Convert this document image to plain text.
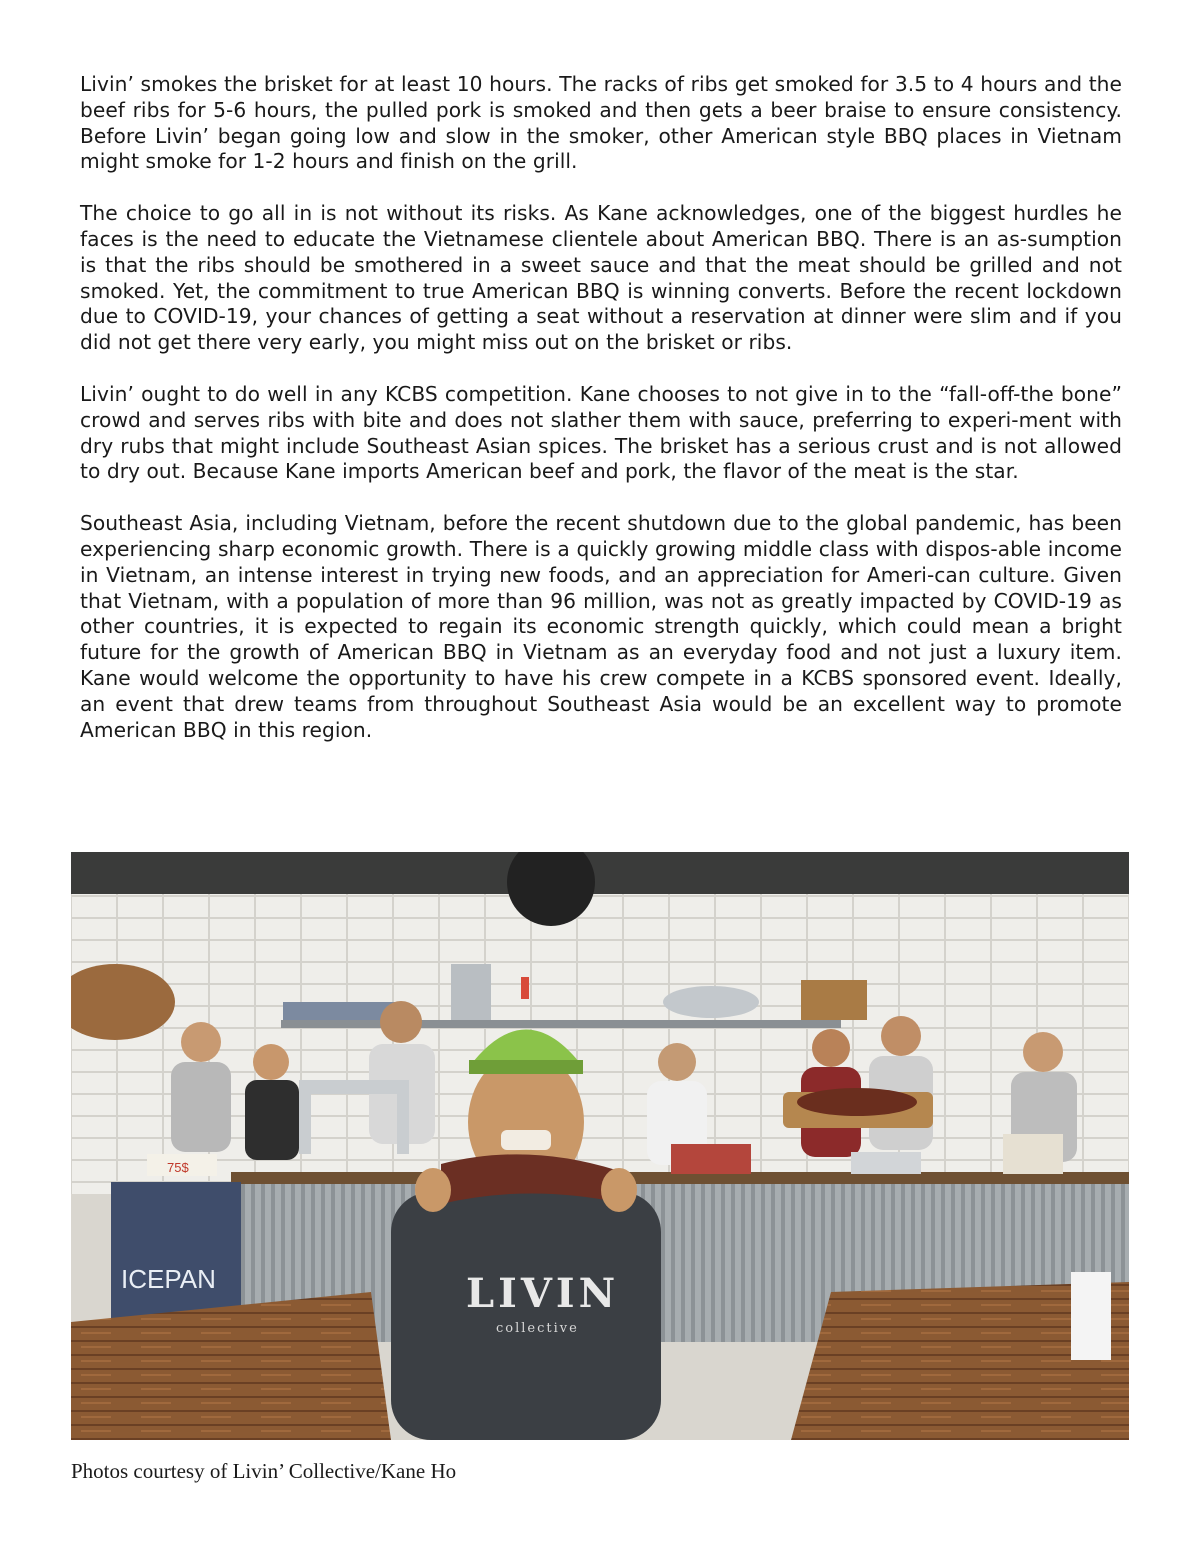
Livin’ smokes the brisket for at least 10 hours. The racks of ribs get smoked for 3.5 to 4 hours and the beef ribs for 5-6 hours, the pulled pork is smoked and then gets a beer braise to ensure consistency. Before Livin’ began going low and slow in the smoker, other American style BBQ places in Vietnam might smoke for 1-2 hours and finish on the grill.

The choice to go all in is not without its risks. As Kane acknowledges, one of the biggest hurdles he faces is the need to educate the Vietnamese clientele about American BBQ. There is an as-sumption is that the ribs should be smothered in a sweet sauce and that the meat should be grilled and not smoked. Yet, the commitment to true American BBQ is winning converts. Before the recent lockdown due to COVID-19, your chances of getting a seat without a reservation at dinner were slim and if you did not get there very early, you might miss out on the brisket or ribs.

Livin’ ought to do well in any KCBS competition. Kane chooses to not give in to the “fall-off-the bone” crowd and serves ribs with bite and does not slather them with sauce, preferring to experi-ment with dry rubs that might include Southeast Asian spices. The brisket has a serious crust and is not allowed to dry out. Because Kane imports American beef and pork, the flavor of the meat is the star.

Southeast Asia, including Vietnam, before the recent shutdown due to the global pandemic, has been experiencing sharp economic growth. There is a quickly growing middle class with dispos-able income in Vietnam, an intense interest in trying new foods, and an appreciation for Ameri-can culture. Given that Vietnam, with a population of more than 96 million, was not as greatly impacted by COVID-19 as other countries, it is expected to regain its economic strength quickly, which could mean a bright future for the growth of American BBQ in Vietnam as an everyday food and not just a luxury item. Kane would welcome the opportunity to have his crew compete in a KCBS sponsored event. Ideally, an event that drew teams from throughout Southeast Asia would be an excellent way to promote American BBQ in this region.

ICEPAN
75$
LIVIN
collective
Photos courtesy of Livin’ Collective/Kane Ho
